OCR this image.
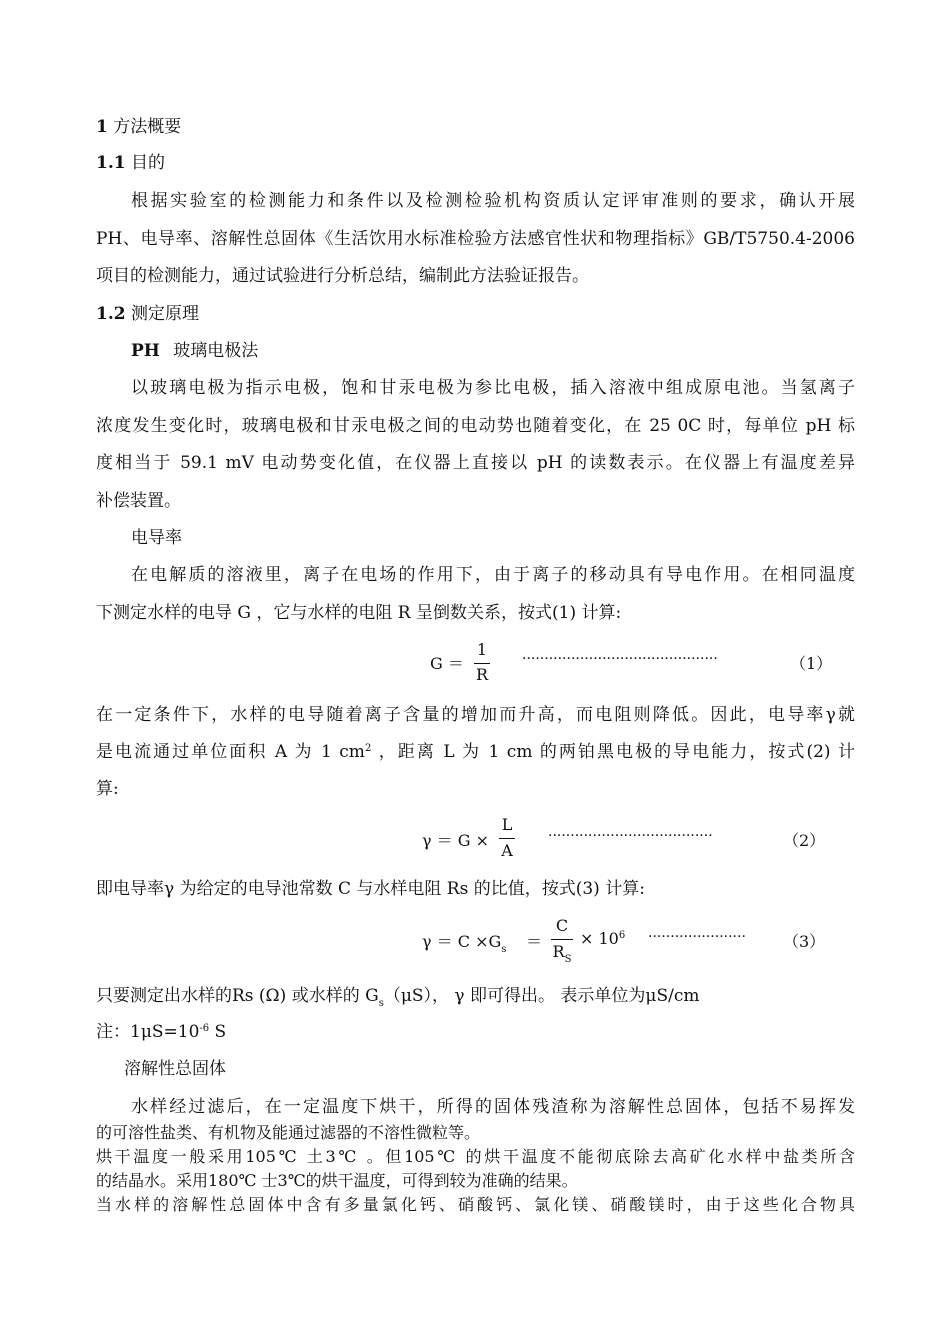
1 方法概要
1.1 目的
根据实验室的检测能力和条件以及检测检验机构资质认定评审准则的要求，确认开展
PH、电导率、溶解性总固体《生活饮用水标准检验方法感官性状和物理指标》GB/T5750.4-2006
项目的检测能力，通过试验进行分析总结，编制此方法验证报告。
1.2 测定原理
PH 玻璃电极法
以玻璃电极为指示电极，饱和甘汞电极为参比电极，插入溶液中组成原电池。当氢离子
浓度发生变化时，玻璃电极和甘汞电极之间的电动势也随着变化，在 25 0C 时，每单位 pH 标
度相当于 59.1 mV 电动势变化值，在仪器上直接以 pH 的读数表示。在仪器上有温度差异
补偿装置。
电导率
在电解质的溶液里，离子在电场的作用下，由于离子的移动具有导电作用。在相同温度
下测定水样的电导 G ，它与水样的电阻 R 呈倒数关系，按式(1) 计算:
G ＝
1
R
············································	（1）
在一定条件下，水样的电导随着离子含量的增加而升高，而电阻则降低。因此，电导率γ就
是电流通过单位面积 A 为 1 $cm^2$ ，距离 L 为 1 cm 的两铂黑电极的导电能力，按式(2) 计
算:
γ ＝ G ×
L
A
·····································	（2）
即电导率γ 为给定的电导池常数 C 与水样电阻 Rs 的比值，按式(3) 计算:
$\gamma = C \times G_s$ ＝
C
$R_S$
× $10^6$ ······················ （3）
只要测定出水样的Rs (Ω) 或水样的 $G_s(\mu S)$， γ 即可得出。 表示单位为μS/cm
注：$1\mu S=10^{-6}$ S
溶解性总固体
水样经过滤后，在一定温度下烘干，所得的固体残渣称为溶解性总固体，包括不易挥发
的可溶性盐类、有机物及能通过滤器的不溶性微粒等。
烘干温度一般采用105℃ 土3℃ 。但105℃ 的烘干温度不能彻底除去高矿化水样中盐类所含
的结晶水。采用180℃ 士3℃的烘干温度，可得到较为准确的结果。
当水样的溶解性总固体中含有多量氯化钙、硝酸钙、氯化镁、硝酸镁时，由于这些化合物具
